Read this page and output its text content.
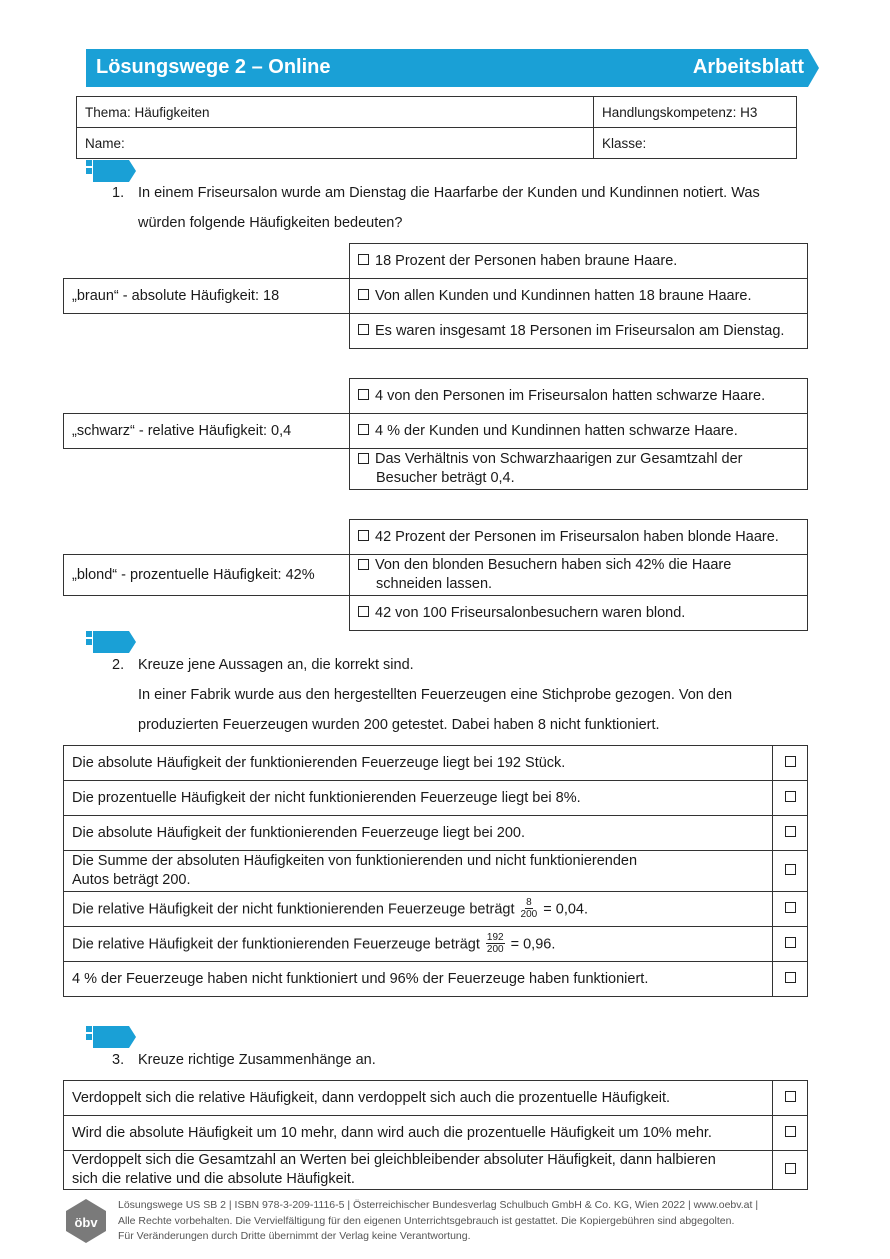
Lösungswege 2 – Online	Arbeitsblatt
Thema: Häufigkeiten	Handlungskompetenz: H3
Name:	Klasse:
1. In einem Friseursalon wurde am Dienstag die Haarfarbe der Kunden und Kundinnen notiert. Was
würden folgende Häufigkeiten bedeuten?
„braun“ - absolute Häufigkeit: 18
18 Prozent der Personen haben braune Haare.
Von allen Kunden und Kundinnen hatten 18 braune Haare.
Es waren insgesamt 18 Personen im Friseursalon am Dienstag.
„schwarz“ - relative Häufigkeit: 0,4
4 von den Personen im Friseursalon hatten schwarze Haare.
4 % der Kunden und Kundinnen hatten schwarze Haare.
Das Verhältnis von Schwarzhaarigen zur Gesamtzahl der Besucher beträgt 0,4.
„blond“ - prozentuelle Häufigkeit: 42%
42 Prozent der Personen im Friseursalon haben blonde Haare.
Von den blonden Besuchern haben sich 42% die Haare schneiden lassen.
42 von 100 Friseursalonbesuchern waren blond.
2. Kreuze jene Aussagen an, die korrekt sind.
In einer Fabrik wurde aus den hergestellten Feuerzeugen eine Stichprobe gezogen. Von den
produzierten Feuerzeugen wurden 200 getestet. Dabei haben 8 nicht funktioniert.
Die absolute Häufigkeit der funktionierenden Feuerzeuge liegt bei 192 Stück.	
Die prozentuelle Häufigkeit der nicht funktionierenden Feuerzeuge liegt bei 8%.	
Die absolute Häufigkeit der funktionierenden Feuerzeuge liegt bei 200.	
Die Summe der absoluten Häufigkeiten von funktionierenden und nicht funktionierenden
Autos beträgt 200.	
Die relative Häufigkeit der nicht funktionierenden Feuerzeuge beträgt $\frac{8}{200} = 0,04$.	
Die relative Häufigkeit der funktionierenden Feuerzeuge beträgt $\frac{192}{200} = 0,96$.	
4 % der Feuerzeuge haben nicht funktioniert und 96% der Feuerzeuge haben funktioniert.	
3. Kreuze richtige Zusammenhänge an.
Verdoppelt sich die relative Häufigkeit, dann verdoppelt sich auch die prozentuelle Häufigkeit.	
Wird die absolute Häufigkeit um 10 mehr, dann wird auch die prozentuelle Häufigkeit um 10% mehr.	
Verdoppelt sich die Gesamtzahl an Werten bei gleichbleibender absoluter Häufigkeit, dann halbieren
sich die relative und die absolute Häufigkeit.	
öbv
Lösungswege US SB 2 | ISBN 978-3-209-1116-5 | Österreichischer Bundesverlag Schulbuch GmbH & Co. KG, Wien 2022 | www.oebv.at |
Alle Rechte vorbehalten. Die Vervielfältigung für den eigenen Unterrichtsgebrauch ist gestattet. Die Kopiergebühren sind abgegolten.
Für Veränderungen durch Dritte übernimmt der Verlag keine Verantwortung.
